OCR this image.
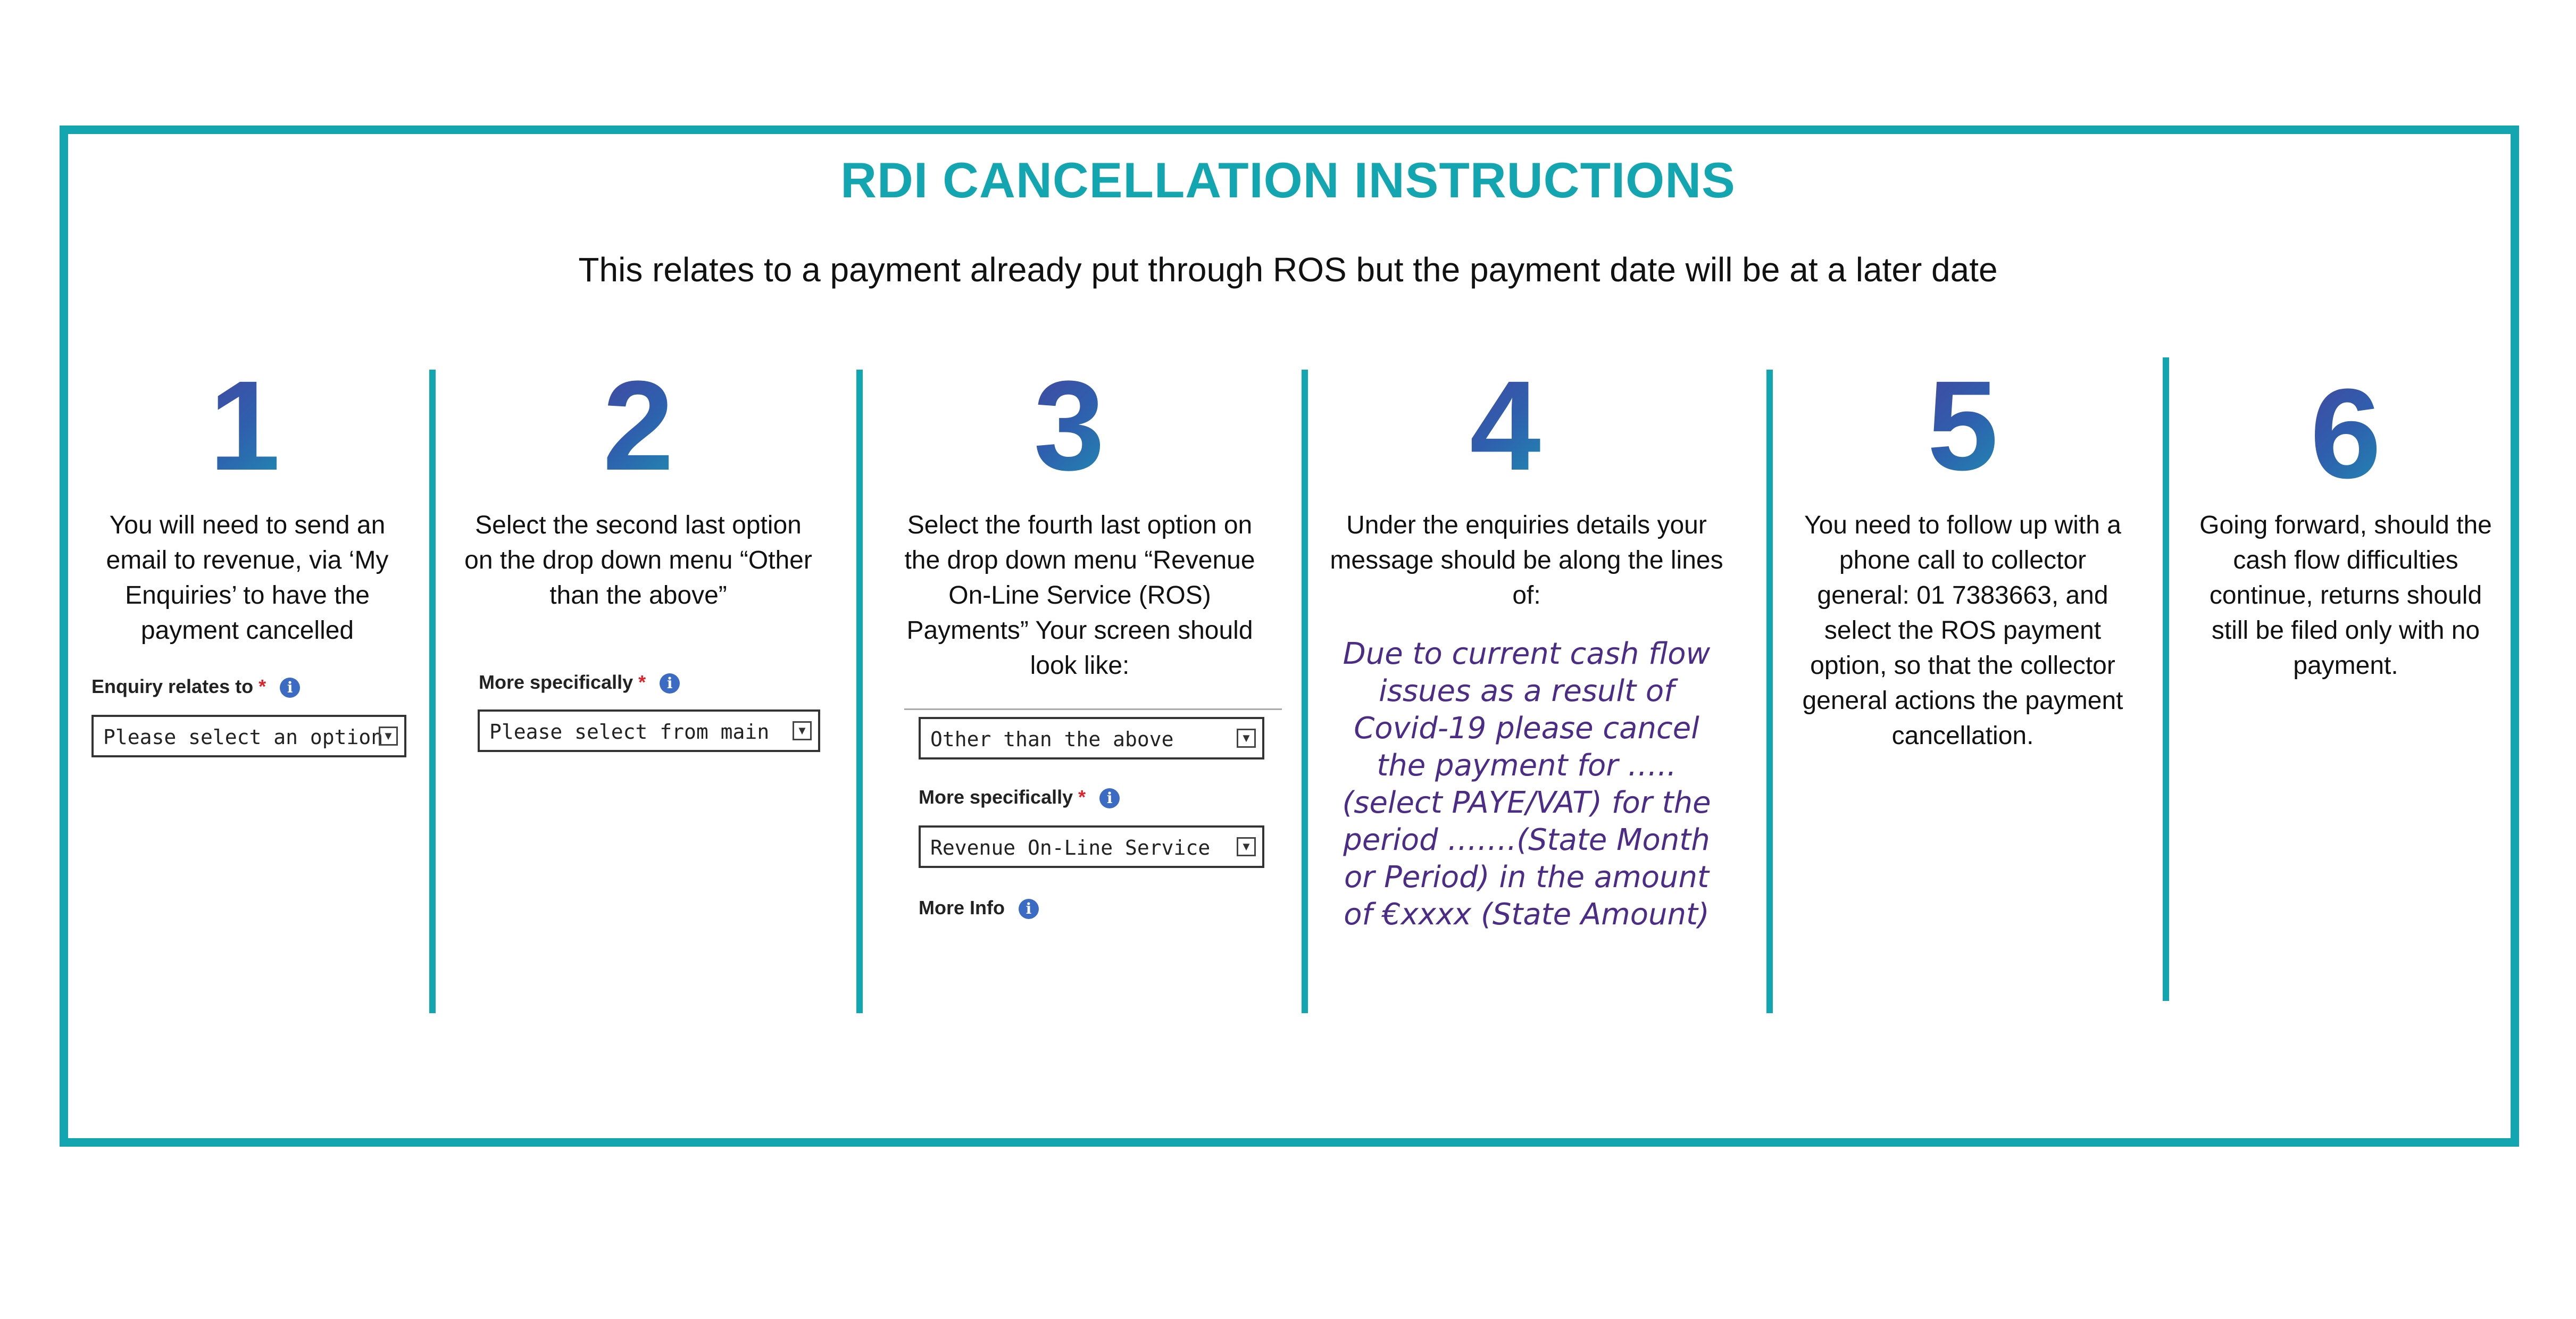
RDI CANCELLATION INSTRUCTIONS
This relates to a payment already put through ROS but the payment date will be at a later date
1
You will need to send an email to revenue, via ‘My Enquiries’ to have the payment cancelled
Enquiry relates to * i
Please select an option
▼
2
Select the second last option on the drop down menu “Other than the above”
More specifically * i
Please select from main	▼
3
Select the fourth last option on the drop down menu “Revenue On-Line Service (ROS) Payments” Your screen should look like:
Other than the above	▼
More specifically * i
Revenue On-Line Service	▼
More Info i
4
Under the enquiries details your message should be along the lines of:
Due to current cash flow issues as a result of Covid-19 please cancel the payment for ….. (select PAYE/VAT) for the period …….(State Month or Period) in the amount of €xxxx (State Amount)
5
You need to follow up with a phone call to collector general: 01 7383663, and select the ROS payment option, so that the collector general actions the payment cancellation.
6
Going forward, should the cash flow difficulties continue, returns should still be filed only with no payment.
